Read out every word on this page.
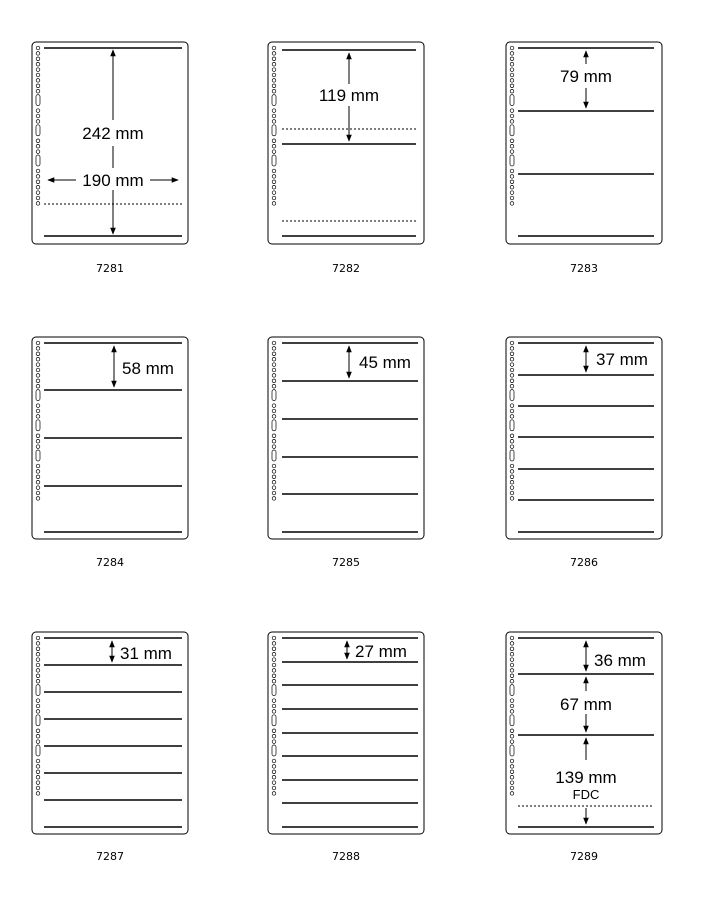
242 mm
190 mm
7281
119 mm
7282
79 mm
7283
58 mm
7284
45 mm
7285
37 mm
7286
31 mm
7287
27 mm
7288
36 mm
67 mm
139 mm
FDC
7289
